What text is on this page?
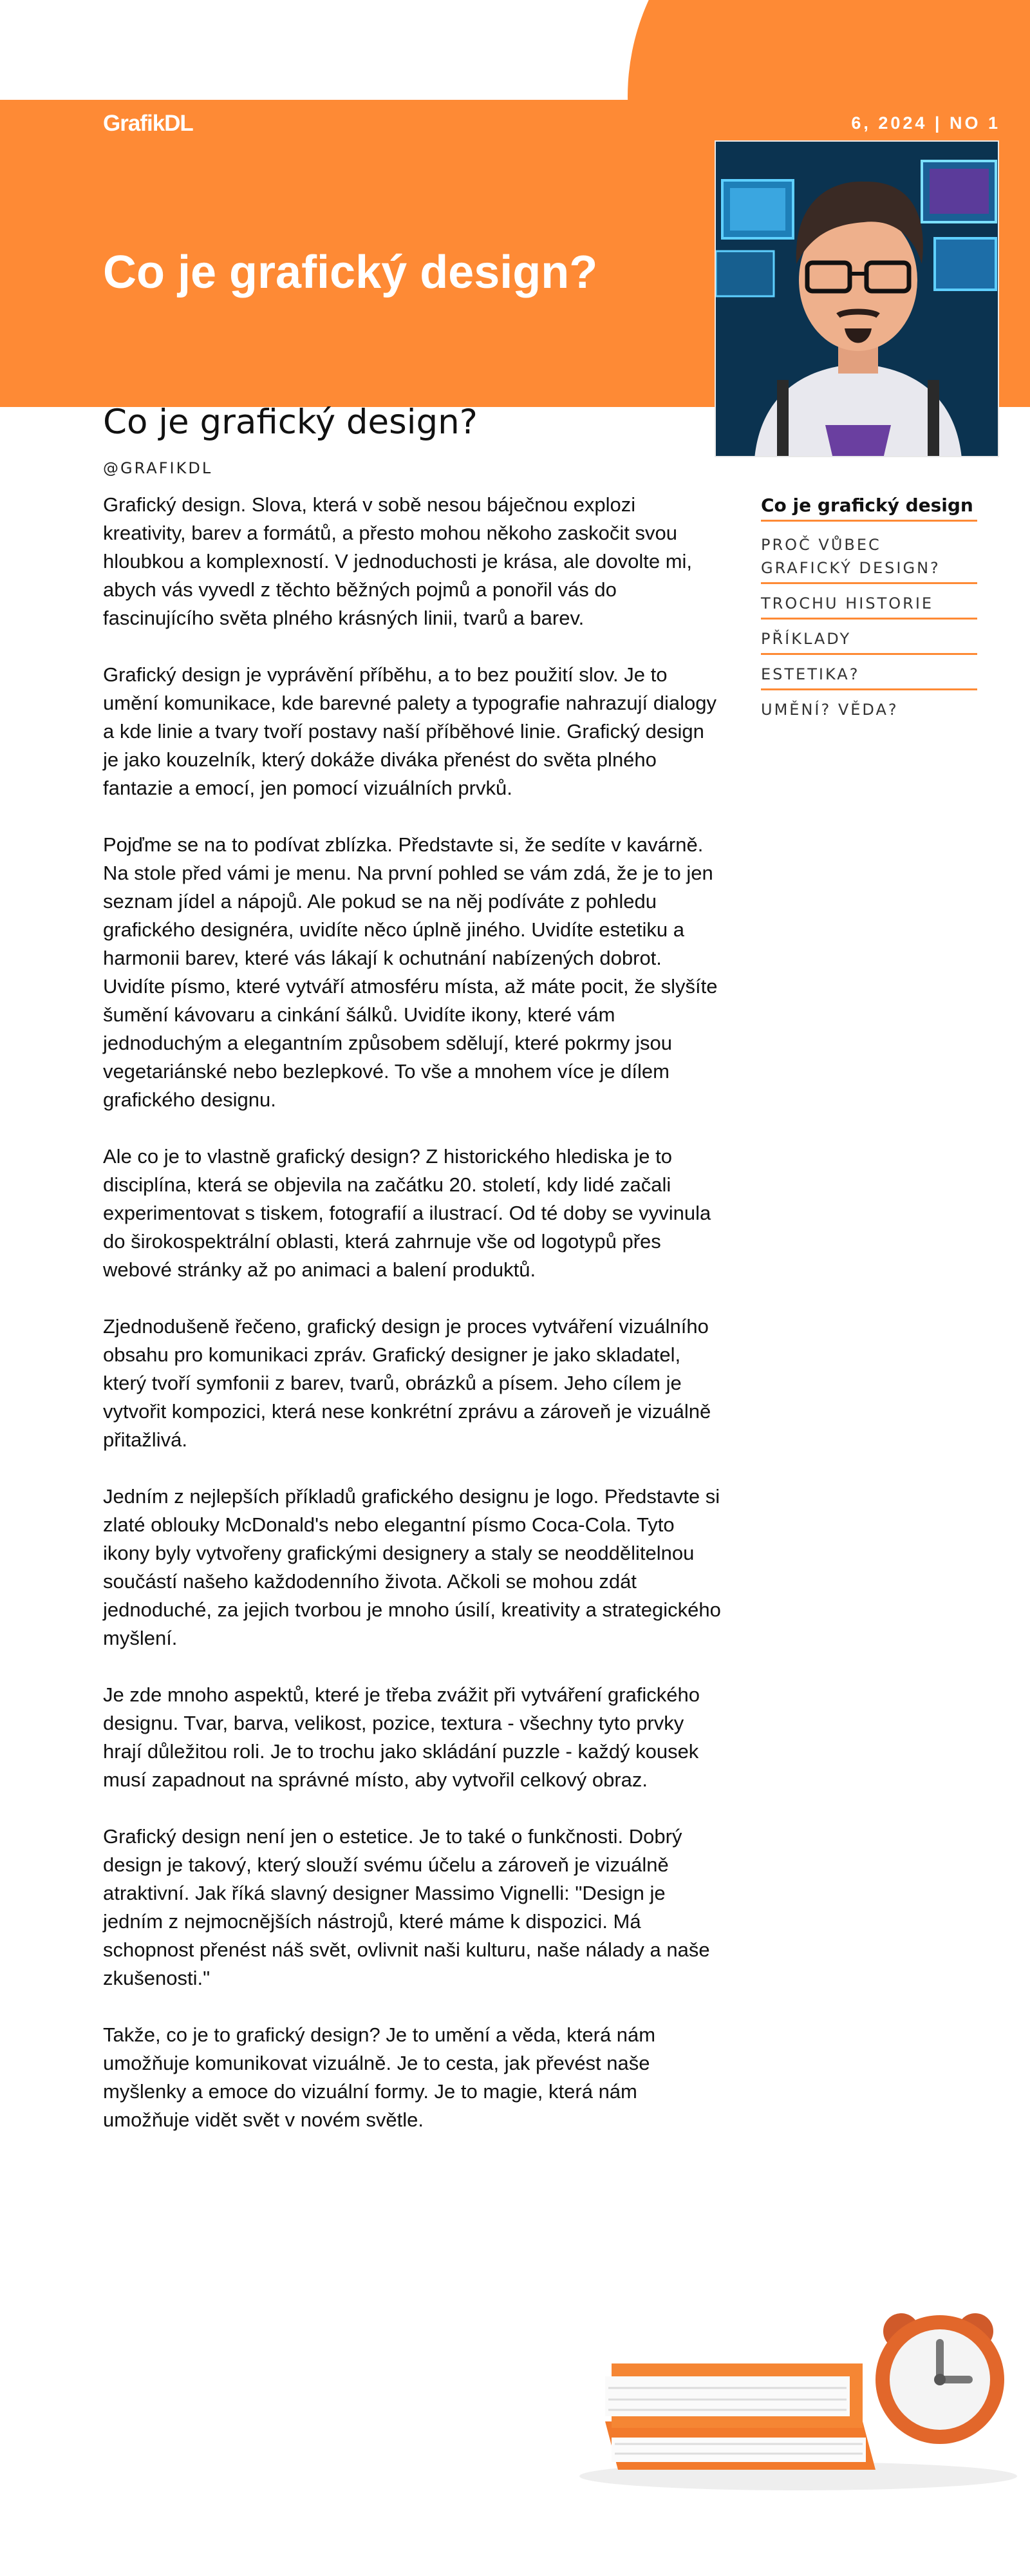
GrafikDL	6, 2024 | NO 1
Co je grafický design?
Co je grafický design?
@GRAFIKDL

Grafický design. Slova, která v sobě nesou báječnou explozi kreativity, barev a formátů, a přesto mohou někoho zaskočit svou hloubkou a komplexností. V jednoduchosti je krása, ale dovolte mi, abych vás vyvedl z těchto běžných pojmů a ponořil vás do fascinujícího světa plného krásných linii, tvarů a barev.

Grafický design je vyprávění příběhu, a to bez použití slov. Je to umění komunikace, kde barevné palety a typografie nahrazují dialogy a kde linie a tvary tvoří postavy naší příběhové linie. Grafický design je jako kouzelník, který dokáže diváka přenést do světa plného fantazie a emocí, jen pomocí vizuálních prvků.

Pojďme se na to podívat zblízka. Představte si, že sedíte v kavárně. Na stole před vámi je menu. Na první pohled se vám zdá, že je to jen seznam jídel a nápojů. Ale pokud se na něj podíváte z pohledu grafického designéra, uvidíte něco úplně jiného. Uvidíte estetiku a harmonii barev, které vás lákají k ochutnání nabízených dobrot. Uvidíte písmo, které vytváří atmosféru místa, až máte pocit, že slyšíte šumění kávovaru a cinkání šálků. Uvidíte ikony, které vám jednoduchým a elegantním způsobem sdělují, které pokrmy jsou vegetariánské nebo bezlepkové. To vše a mnohem více je dílem grafického designu.

Ale co je to vlastně grafický design? Z historického hlediska je to disciplína, která se objevila na začátku 20. století, kdy lidé začali experimentovat s tiskem, fotografií a ilustrací. Od té doby se vyvinula do širokospektrální oblasti, která zahrnuje vše od logotypů přes webové stránky až po animaci a balení produktů.

Zjednodušeně řečeno, grafický design je proces vytváření vizuálního obsahu pro komunikaci zpráv. Grafický designer je jako skladatel, který tvoří symfonii z barev, tvarů, obrázků a písem. Jeho cílem je vytvořit kompozici, která nese konkrétní zprávu a zároveň je vizuálně přitažlivá.

Jedním z nejlepších příkladů grafického designu je logo. Představte si zlaté oblouky McDonald's nebo elegantní písmo Coca-Cola. Tyto ikony byly vytvořeny grafickými designery a staly se neoddělitelnou součástí našeho každodenního života. Ačkoli se mohou zdát jednoduché, za jejich tvorbou je mnoho úsilí, kreativity a strategického myšlení.

Je zde mnoho aspektů, které je třeba zvážit při vytváření grafického designu. Tvar, barva, velikost, pozice, textura - všechny tyto prvky hrají důležitou roli. Je to trochu jako skládání puzzle - každý kousek musí zapadnout na správné místo, aby vytvořil celkový obraz.

Grafický design není jen o estetice. Je to také o funkčnosti. Dobrý design je takový, který slouží svému účelu a zároveň je vizuálně atraktivní. Jak říká slavný designer Massimo Vignelli: "Design je jedním z nejmocnějších nástrojů, které máme k dispozici. Má schopnost přenést náš svět, ovlivnit naši kulturu, naše nálady a naše zkušenosti."

Takže, co je to grafický design? Je to umění a věda, která nám umožňuje komunikovat vizuálně. Je to cesta, jak převést naše myšlenky a emoce do vizuální formy. Je to magie, která nám umožňuje vidět svět v novém světle.

Co je grafický design
PROČ VŮBEC GRAFICKÝ DESIGN?
TROCHU HISTORIE
PŘÍKLADY
ESTETIKA?
UMĚNÍ? VĚDA?
